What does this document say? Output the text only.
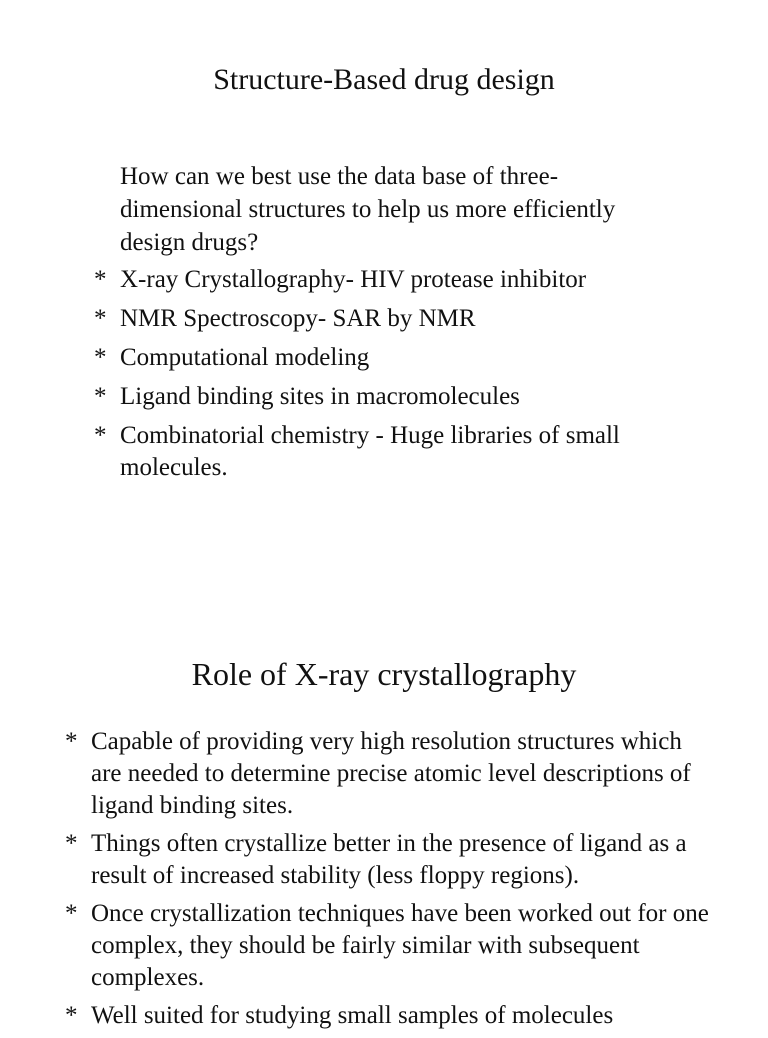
Structure-Based drug design

How can we best use the data base of three-dimensional structures to help us more efficiently design drugs?

* X-ray Crystallography- HIV protease inhibitor
* NMR Spectroscopy- SAR by NMR
* Computational modeling
* Ligand binding sites in macromolecules
* Combinatorial chemistry - Huge libraries of small molecules.
Role of X-ray crystallography
* Capable of providing very high resolution structures which are needed to determine precise atomic level descriptions of ligand binding sites.
* Things often crystallize better in the presence of ligand as a result of increased stability (less floppy regions).
* Once crystallization techniques have been worked out for one complex, they should be fairly similar with subsequent complexes.
* Well suited for studying small samples of molecules
